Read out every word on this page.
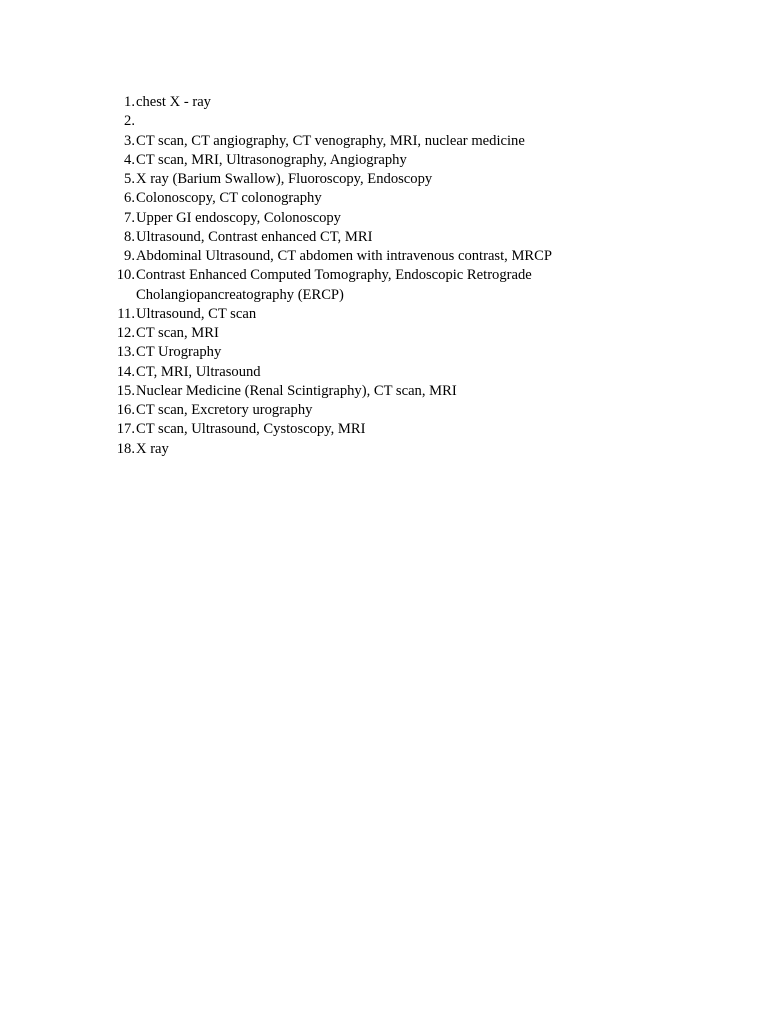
1. chest X - ray
2.
3. CT scan, CT angiography, CT venography, MRI, nuclear medicine
4. CT scan, MRI, Ultrasonography, Angiography
5. X ray (Barium Swallow), Fluoroscopy, Endoscopy
6. Colonoscopy, CT colonography
7. Upper GI endoscopy, Colonoscopy
8. Ultrasound, Contrast enhanced CT, MRI
9. Abdominal Ultrasound, CT abdomen with intravenous contrast, MRCP
10. Contrast Enhanced Computed Tomography, Endoscopic Retrograde Cholangiopancreatography (ERCP)
11. Ultrasound, CT scan
12. CT scan, MRI
13. CT Urography
14. CT, MRI, Ultrasound
15. Nuclear Medicine (Renal Scintigraphy), CT scan, MRI
16. CT scan, Excretory urography
17. CT scan, Ultrasound, Cystoscopy, MRI
18. X ray
